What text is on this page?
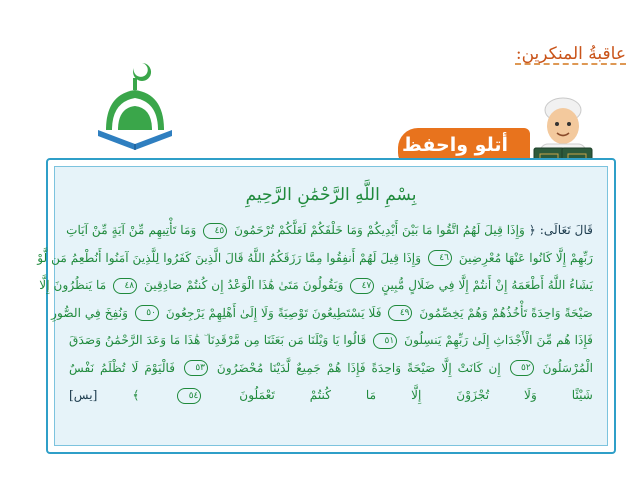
عاقبةُ المنكرين:
أتلو واحفظ
بِسْمِ اللَّهِ الرَّحْمَٰنِ الرَّحِيمِ
قَالَ تَعَالَى: ﴿ وَإِذَا قِيلَ لَهُمُ اتَّقُوا مَا بَيْنَ أَيْدِيكُمْ وَمَا خَلْفَكُمْ لَعَلَّكُمْ تُرْحَمُونَ ٤٥ وَمَا تَأْتِيهِم مِّنْ آيَةٍ مِّنْ آيَاتِ
رَبِّهِمْ إِلَّا كَانُوا عَنْهَا مُعْرِضِينَ ٤٦ وَإِذَا قِيلَ لَهُمْ أَنفِقُوا مِمَّا رَزَقَكُمُ اللَّهُ قَالَ الَّذِينَ كَفَرُوا لِلَّذِينَ آمَنُوا أَنُطْعِمُ مَن لَّوْ
يَشَاءُ اللَّهُ أَطْعَمَهُ إِنْ أَنتُمْ إِلَّا فِي ضَلَالٍ مُّبِينٍ ٤٧ وَيَقُولُونَ مَتَىٰ هَٰذَا الْوَعْدُ إِن كُنتُمْ صَادِقِينَ ٤٨ مَا يَنظُرُونَ إِلَّا
صَيْحَةً وَاحِدَةً تَأْخُذُهُمْ وَهُمْ يَخِصِّمُونَ ٤٩ فَلَا يَسْتَطِيعُونَ تَوْصِيَةً وَلَا إِلَىٰ أَهْلِهِمْ يَرْجِعُونَ ٥٠ وَنُفِخَ فِي الصُّورِ
فَإِذَا هُم مِّنَ الْأَجْدَاثِ إِلَىٰ رَبِّهِمْ يَنسِلُونَ ٥١ قَالُوا يَا وَيْلَنَا مَن بَعَثَنَا مِن مَّرْقَدِنَا ۜ هَٰذَا مَا وَعَدَ الرَّحْمَٰنُ وَصَدَقَ
الْمُرْسَلُونَ ٥٢ إِن كَانَتْ إِلَّا صَيْحَةً وَاحِدَةً فَإِذَا هُمْ جَمِيعٌ لَّدَيْنَا مُحْضَرُونَ ٥٣ فَالْيَوْمَ لَا تُظْلَمُ نَفْسٌ
شَيْئًا وَلَا تُجْزَوْنَ إِلَّا مَا كُنتُمْ تَعْمَلُونَ ٥٤ ﴾ [يس]
